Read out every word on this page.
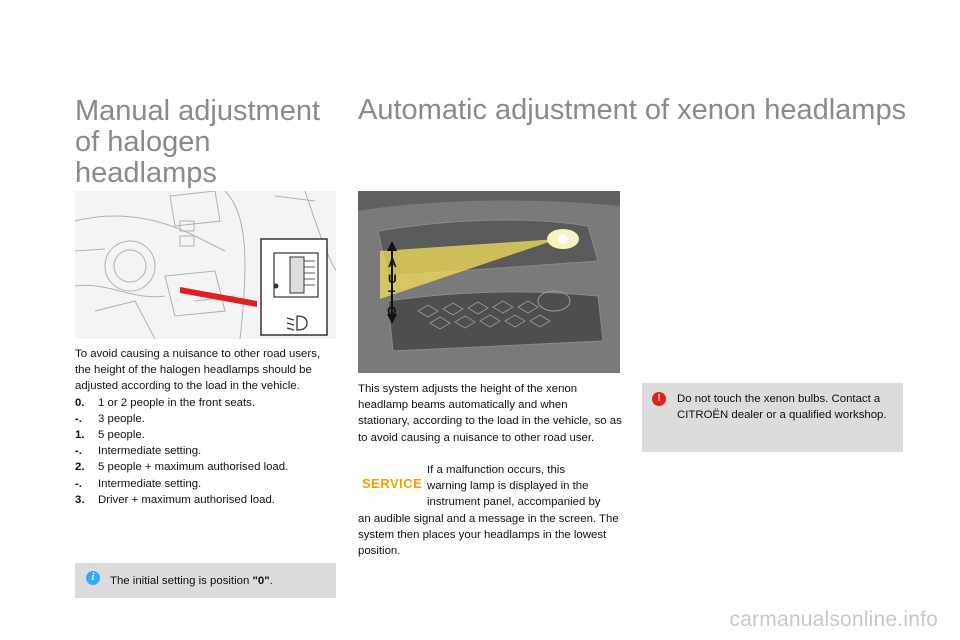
Manual adjustment of halogen headlamps
Automatic adjustment of xenon headlamps
A
U
T
O
To avoid causing a nuisance to other road users, the height of the halogen headlamps should be adjusted according to the load in the vehicle.
0.	1 or 2 people in the front seats.
-.	3 people.
1.	5 people.
-.	Intermediate setting.
2.	5 people + maximum authorised load.
-.	Intermediate setting.
3.	Driver + maximum authorised load.
This system adjusts the height of the xenon headlamp beams automatically and when stationary, according to the load in the vehicle, so as to avoid causing a nuisance to other road user.
SERVICE
If a malfunction occurs, this
warning lamp is displayed in the
instrument panel, accompanied by
an audible signal and a message in the screen. The system then places your headlamps in the lowest position.
The initial setting is position "0".
i
Do not touch the xenon bulbs. Contact a CITROËN dealer or a qualified workshop.
!
carmanualsonline.info
